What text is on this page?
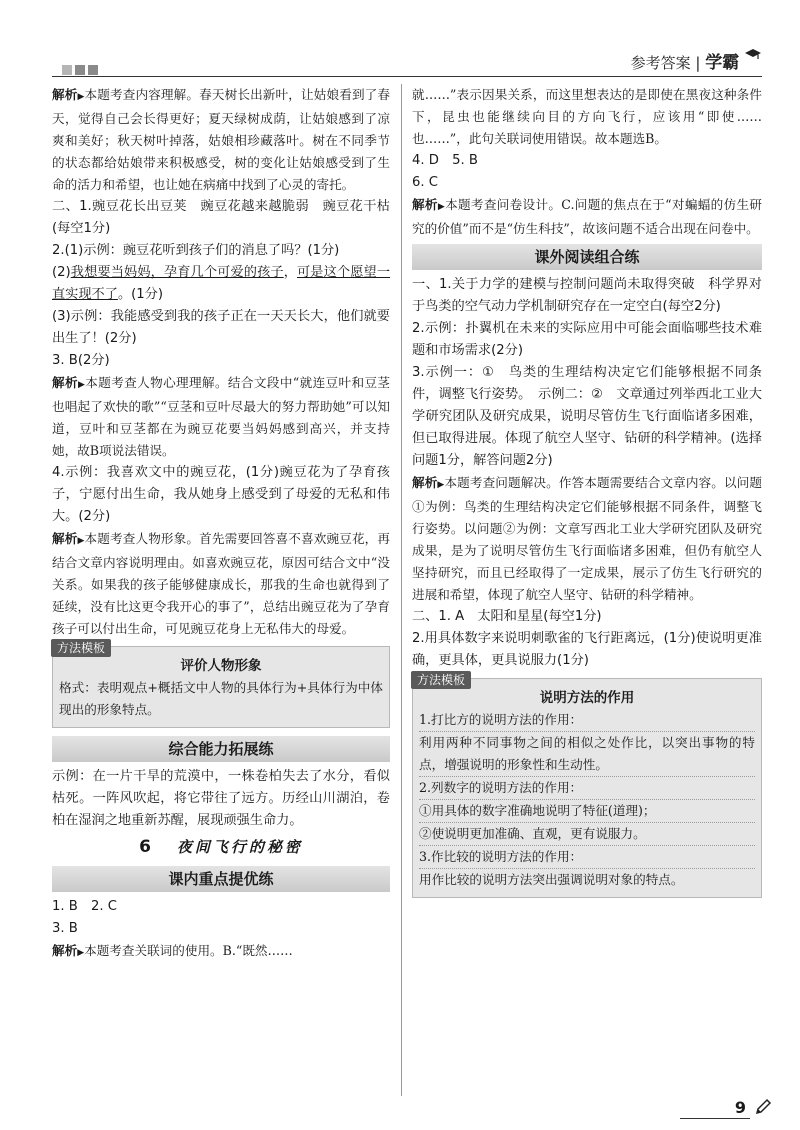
参考答案 | 学霸

解析▶本题考查内容理解。春天树长出新叶，让姑娘看到了春天，觉得自己会长得更好；夏天绿树成荫，让姑娘感到了凉爽和美好；秋天树叶掉落，姑娘相珍藏落叶。树在不同季节的状态都给姑娘带来积极感受，树的变化让姑娘感受到了生命的活力和希望，也让她在病痛中找到了心灵的寄托。

二、1.豌豆花长出豆荚　豌豆花越来越脆弱　豌豆花干枯(每空1分)

2.(1)示例：豌豆花听到孩子们的消息了吗？(1分)

(2)我想要当妈妈，孕育几个可爱的孩子，可是这个愿望一直实现不了。(1分)

(3)示例：我能感受到我的孩子正在一天天长大，他们就要出生了！(2分)

3. B(2分)

解析▶本题考查人物心理理解。结合文段中“就连豆叶和豆茎也唱起了欢快的歌”“豆茎和豆叶尽最大的努力帮助她”可以知道，豆叶和豆茎都在为豌豆花要当妈妈感到高兴，并支持她，故B项说法错误。

4.示例：我喜欢文中的豌豆花，(1分)豌豆花为了孕育孩子，宁愿付出生命，我从她身上感受到了母爱的无私和伟大。(2分)

解析▶本题考查人物形象。首先需要回答喜不喜欢豌豆花，再结合文章内容说明理由。如喜欢豌豆花，原因可结合文中“没关系。如果我的孩子能够健康成长，那我的生命也就得到了延续，没有比这更令我开心的事了”，总结出豌豆花为了孕育孩子可以付出生命，可见豌豆花身上无私伟大的母爱。

方法模板
评价人物形象

格式：表明观点+概括文中人物的具体行为+具体行为中体现出的形象特点。

综合能力拓展练

示例：在一片干旱的荒漠中，一株卷柏失去了水分，看似枯死。一阵风吹起，将它带往了远方。历经山川湖泊，卷柏在湿润之地重新苏醒，展现顽强生命力。

6 夜间飞行的秘密
课内重点提优练

1. B　2. C

3. B

解析▶本题考查关联词的使用。B.“既然……

就……”表示因果关系，而这里想表达的是即使在黑夜这种条件下，昆虫也能继续向目的方向飞行，应该用“即使……也……”，此句关联词使用错误。故本题选B。

4. D　5. B

6. C

解析▶本题考查问卷设计。C.问题的焦点在于“对蝙蝠的仿生研究的价值”而不是“仿生科技”，故该问题不适合出现在问卷中。

课外阅读组合练

一、1.关于力学的建模与控制问题尚未取得突破　科学界对于鸟类的空气动力学机制研究存在一定空白(每空2分)

2.示例：扑翼机在未来的实际应用中可能会面临哪些技术难题和市场需求(2分)

3.示例一：①　鸟类的生理结构决定它们能够根据不同条件，调整飞行姿势。　示例二：②　文章通过列举西北工业大学研究团队及研究成果，说明尽管仿生飞行面临诸多困难，但已取得进展。体现了航空人坚守、钻研的科学精神。(选择问题1分，解答问题2分)

解析▶本题考查问题解决。作答本题需要结合文章内容。以问题①为例：鸟类的生理结构决定它们能够根据不同条件，调整飞行姿势。以问题②为例：文章写西北工业大学研究团队及研究成果，是为了说明尽管仿生飞行面临诸多困难，但仍有航空人坚持研究，而且已经取得了一定成果，展示了仿生飞行研究的进展和希望，体现了航空人坚守、钻研的科学精神。

二、1. A　太阳和星星(每空1分)

2.用具体数字来说明刺歌雀的飞行距离远，(1分)使说明更准确，更具体，更具说服力(1分)

方法模板
说明方法的作用

1.打比方的说明方法的作用：

利用两种不同事物之间的相似之处作比，以突出事物的特点，增强说明的形象性和生动性。

2.列数字的说明方法的作用：

①用具体的数字准确地说明了特征(道理)；

②使说明更加准确、直观，更有说服力。

3.作比较的说明方法的作用：

用作比较的说明方法突出强调说明对象的特点。

9
